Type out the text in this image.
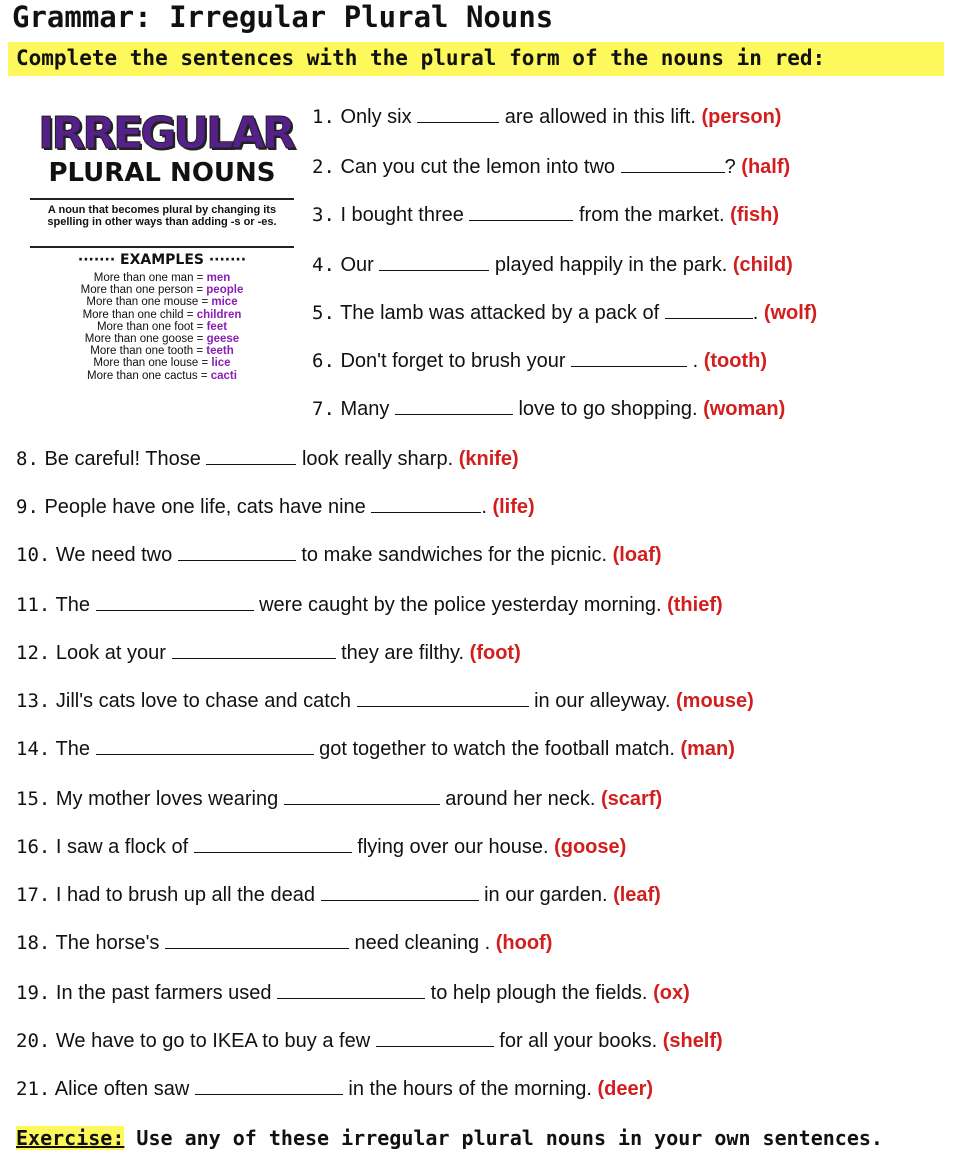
Grammar: Irregular Plural Nouns
Complete the sentences with the plural form of the nouns in red:
IRREGULAR
PLURAL NOUNS
A noun that becomes plural by changing its spelling in other ways than adding -s or -es.
······· EXAMPLES ·······
More than one man = men
More than one person = people
More than one mouse = mice
More than one child = children
More than one foot = feet
More than one goose = geese
More than one tooth = teeth
More than one louse = lice
More than one cactus = cacti
1. Only six	are allowed in this lift. (person)
2. Can you cut the lemon into two	? (half)
3. I bought three	from the market. (fish)
4. Our	played happily in the park. (child)
5. The lamb was attacked by a pack of	. (wolf)
6. Don't forget to brush your	. (tooth)
7. Many	love to go shopping. (woman)
8. Be careful! Those	look really sharp. (knife)
9. People have one life, cats have nine	. (life)
10. We need two	to make sandwiches for the picnic. (loaf)
11. The	were caught by the police yesterday morning. (thief)
12. Look at your	they are filthy. (foot)
13. Jill's cats love to chase and catch	in our alleyway. (mouse)
14. The	got together to watch the football match. (man)
15. My mother loves wearing	around her neck. (scarf)
16. I saw a flock of	flying over our house. (goose)
17. I had to brush up all the dead	in our garden. (leaf)
18. The horse's	need cleaning . (hoof)
19. In the past farmers used	to help plough the fields. (ox)
20. We have to go to IKEA to buy a few	for all your books. (shelf)
21. Alice often saw	in the hours of the morning. (deer)
Exercise: Use any of these irregular plural nouns in your own sentences.
